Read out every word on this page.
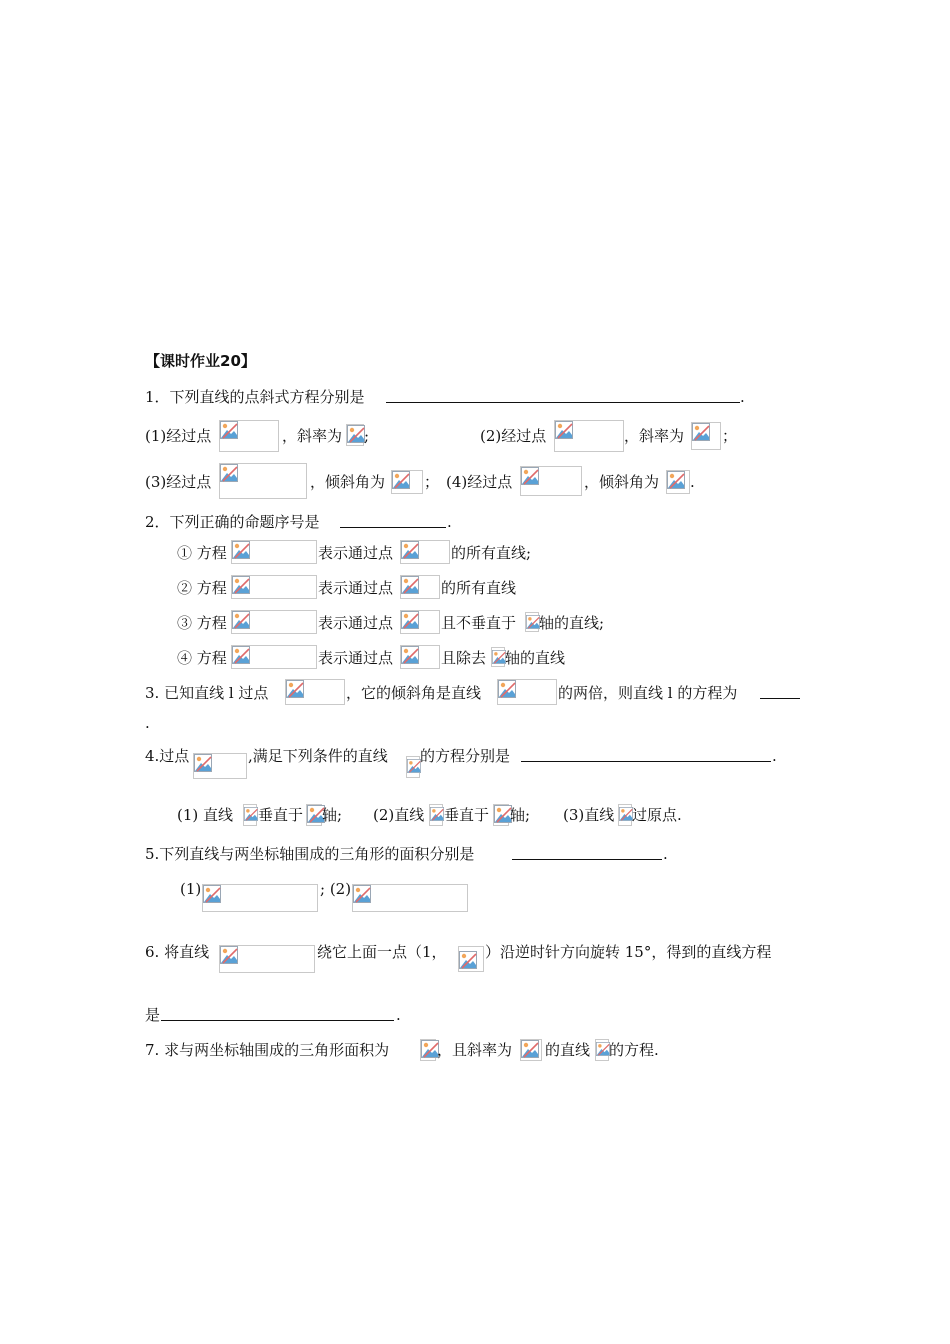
【课时作业20】
1．下列直线的点斜式方程分别是	.
(1)经过点	，斜率为 ;	(2)经过点	，斜率为	；
(3)经过点	，倾斜角为	； (4)经过点	，倾斜角为 .
2．下列正确的命题序号是	.
① 方程	表示通过点	的所有直线;
② 方程	表示通过点	的所有直线
③ 方程	表示通过点	且不垂直于 轴的直线;
④ 方程	表示通过点	且除去 轴的直线
3. 已知直线 l 过点	，它的倾斜角是直线	的两倍，则直线 l 的方程为
.
4.过点	,满足下列条件的直线 的方程分别是	.
(1) 直线 垂直于 轴; (2)直线 垂直于 轴; (3)直线 过原点.
5.下列直线与两坐标轴围成的三角形的面积分别是	.
(1)	; (2)
6. 将直线	绕它上面一点（1，	）沿逆时针方向旋转 15°，得到的直线方程
是	.
7. 求与两坐标轴围成的三角形面积为	，且斜率为 的直线 的方程.
